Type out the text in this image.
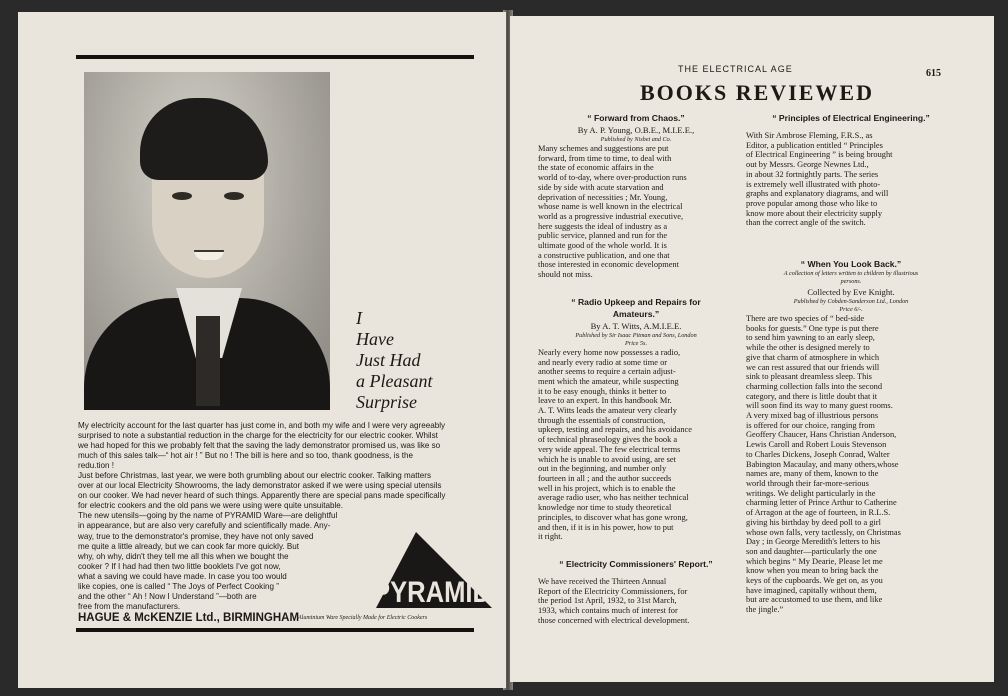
I
Have
Just Had
a Pleasant
Surprise
My electricity account for the last quarter has just come in, and both my wife and I were very agreeably
surprised to note a substantial reduction in the charge for the electricity for our electric cooker. Whilst
we had hoped for this we probably felt that the saving the lady demonstrator promised us, was like so
much of this sales talk—“ hot air ! ” But no ! The bill is here and so too, thank goodness, is the
redu.tion !
Just before Christmas, last year, we were both grumbling about our electric cooker. Talking matters
over at our local Electricity Showrooms, the lady demonstrator asked if we were using special utensils
on our cooker. We had never heard of such things. Apparently there are special pans made specifically
for electric cookers and the old pans we were using were quite unsuitable.
The new utensils—going by the name of PYRAMID Ware—are delightful
in appearance, but are also very carefully and scientifically made. Any-
way, true to the demonstrator's promise, they have not only saved
me quite a little already, but we can cook far more quickly. But
why, oh why, didn't they tell me all this when we bought the
cooker ? If I had had then two little booklets I've got now,
what a saving we could have made. In case you too would
like copies, one is called “ The Joys of Perfect Cooking ”
and the other “ Ah ! Now I Understand ”—both are
free from the manufacturers.	PYRAMID
HAGUE & McKENZIE Ltd., BIRMINGHAM
Aluminium Ware Specially Made for Electric Cookers
THE ELECTRICAL AGE	615
BOOKS REVIEWED
“ Forward from Chaos.”
By A. P. Young, O.B.E., M.I.E.E.,
Published by Nisbet and Co.
Many schemes and suggestions are put
forward, from time to time, to deal with
the state of economic affairs in the
world of to-day, where over-production runs
side by side with acute starvation and
deprivation of necessities ; Mr. Young,
whose name is well known in the electrical
world as a progressive industrial executive,
here suggests the ideal of industry as a
public service, planned and run for the
ultimate good of the whole world. It is
a constructive publication, and one that
those interested in economic development
should not miss.
“ Radio Upkeep and Repairs for
Amateurs.”
By A. T. Witts, A.M.I.E.E.
Published by Sir Isaac Pitman and Sons, London
Price 5s.
Nearly every home now possesses a radio,
and nearly every radio at some time or
another seems to require a certain adjust-
ment which the amateur, while suspecting
it to be easy enough, thinks it better to
leave to an expert. In this handbook Mr.
A. T. Witts leads the amateur very clearly
through the essentials of construction,
upkeep, testing and repairs, and his avoidance
of technical phraseology gives the book a
very wide appeal. The few electrical terms
which he is unable to avoid using, are set
out in the beginning, and number only
fourteen in all ; and the author succeeds
well in his project, which is to enable the
average radio user, who has neither technical
knowledge nor time to study theoretical
principles, to discover what has gone wrong,
and then, if it is in his power, how to put
it right.
“ Electricity Commissioners' Report.”
We have received the Thirteen Annual
Report of the Electricity Commissioners, for
the period 1st April, 1932, to 31st March,
1933, which contains much of interest for
those concerned with electrical development.
“ Principles of Electrical Engineering.”
With Sir Ambrose Fleming, F.R.S., as
Editor, a publication entitled “ Principles
of Electrical Engineering ” is being brought
out by Messrs. George Newnes Ltd.,
in about 32 fortnightly parts. The series
is extremely well illustrated with photo-
graphs and explanatory diagrams, and will
prove popular among those who like to
know more about their electricity supply
than the correct angle of the switch.
“ When You Look Back.”
A collection of letters written to children by illustrious
persons.
Collected by Eve Knight.
Published by Cobden-Sanderson Ltd., London
Price 6/-.
There are two species of “ bed-side
books for guests.” One type is put there
to send him yawning to an early sleep,
while the other is designed merely to
give that charm of atmosphere in which
we can rest assured that our friends will
sink to pleasant dreamless sleep. This
charming collection falls into the second
category, and there is little doubt that it
will soon find its way to many guest rooms.
A very mixed bag of illustrious persons
is offered for our choice, ranging from
Geoffery Chaucer, Hans Christian Anderson,
Lewis Caroll and Robert Louis Stevenson
to Charles Dickens, Joseph Conrad, Walter
Babington Macaulay, and many others,whose
names are, many of them, known to the
world through their far-more-serious
writings. We delight particularly in the
charming letter of Prince Arthur to Catherine
of Arragon at the age of fourteen, in R.L.S.
giving his birthday by deed poll to a girl
whose own falls, very tactlessly, on Christmas
Day ; in George Meredith's letters to his
son and daughter—particularly the one
which begins “ My Dearie, Please let me
know when you mean to bring back the
keys of the cupboards. We get on, as you
have imagined, capitally without them,
but are accustomed to use them, and like
the jingle.”
